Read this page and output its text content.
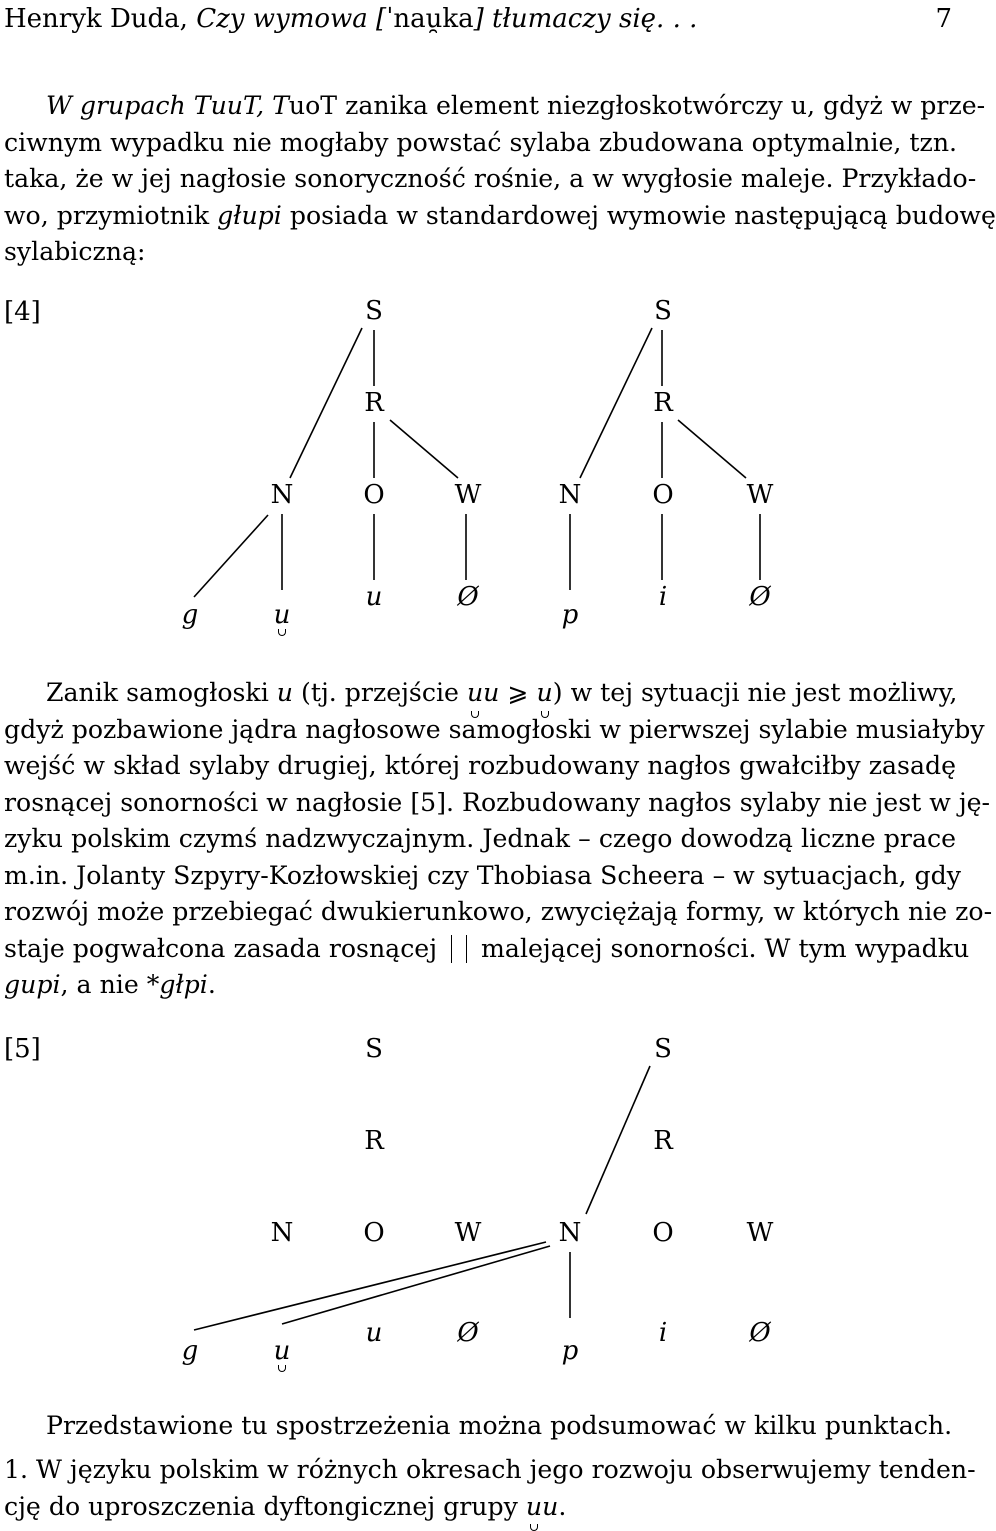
Henryk Duda, Czy wymowa [ˈnau̯ka] tłumaczy się. . .	7
W grupach TuuT, TuoT zanika element niezgłoskotwórczy u, gdyż w prze-
ciwnym wypadku nie mogłaby powstać sylaba zbudowana optymalnie, tzn.
taka, że w jej nagłosie sonoryczność rośnie, a w wygłosie maleje. Przykłado-
wo, przymiotnik głupi posiada w standardowej wymowie następującą budowę
sylabiczną:
[4]	S	S
R	R
N	O	W	N	O	W
g	u
u	Ø
p
i	Ø
Zanik samogłoski u (tj. przejście u
u ⩾ u
) w tej sytuacji nie jest możliwy,
gdyż pozbawione jądra nagłosowe samogłoski w pierwszej sylabie musiałyby
wejść w skład sylaby drugiej, której rozbudowany nagłos gwałciłby zasadę
rosnącej sonorności w nagłosie [5]. Rozbudowany nagłos sylaby nie jest w ję-
zyku polskim czymś nadzwyczajnym. Jednak – czego dowodzą liczne prace
m.in. Jolanty Szpyry-Kozłowskiej czy Thobiasa Scheera – w sytuacjach, gdy
rozwój może przebiegać dwukierunkowo, zwyciężają formy, w których nie zo-
staje pogwałcona zasada rosnącej  malejącej sonorności. W tym wypadku
gupi, a nie *głpi.
[5]	S	S
R	R
N	O	W	N	O	W
g	u
u	Ø
p
i	Ø
Przedstawione tu spostrzeżenia można podsumować w kilku punktach.
1. W języku polskim w różnych okresach jego rozwoju obserwujemy tenden-
cję do uproszczenia dyftongicznej grupy u
u.
